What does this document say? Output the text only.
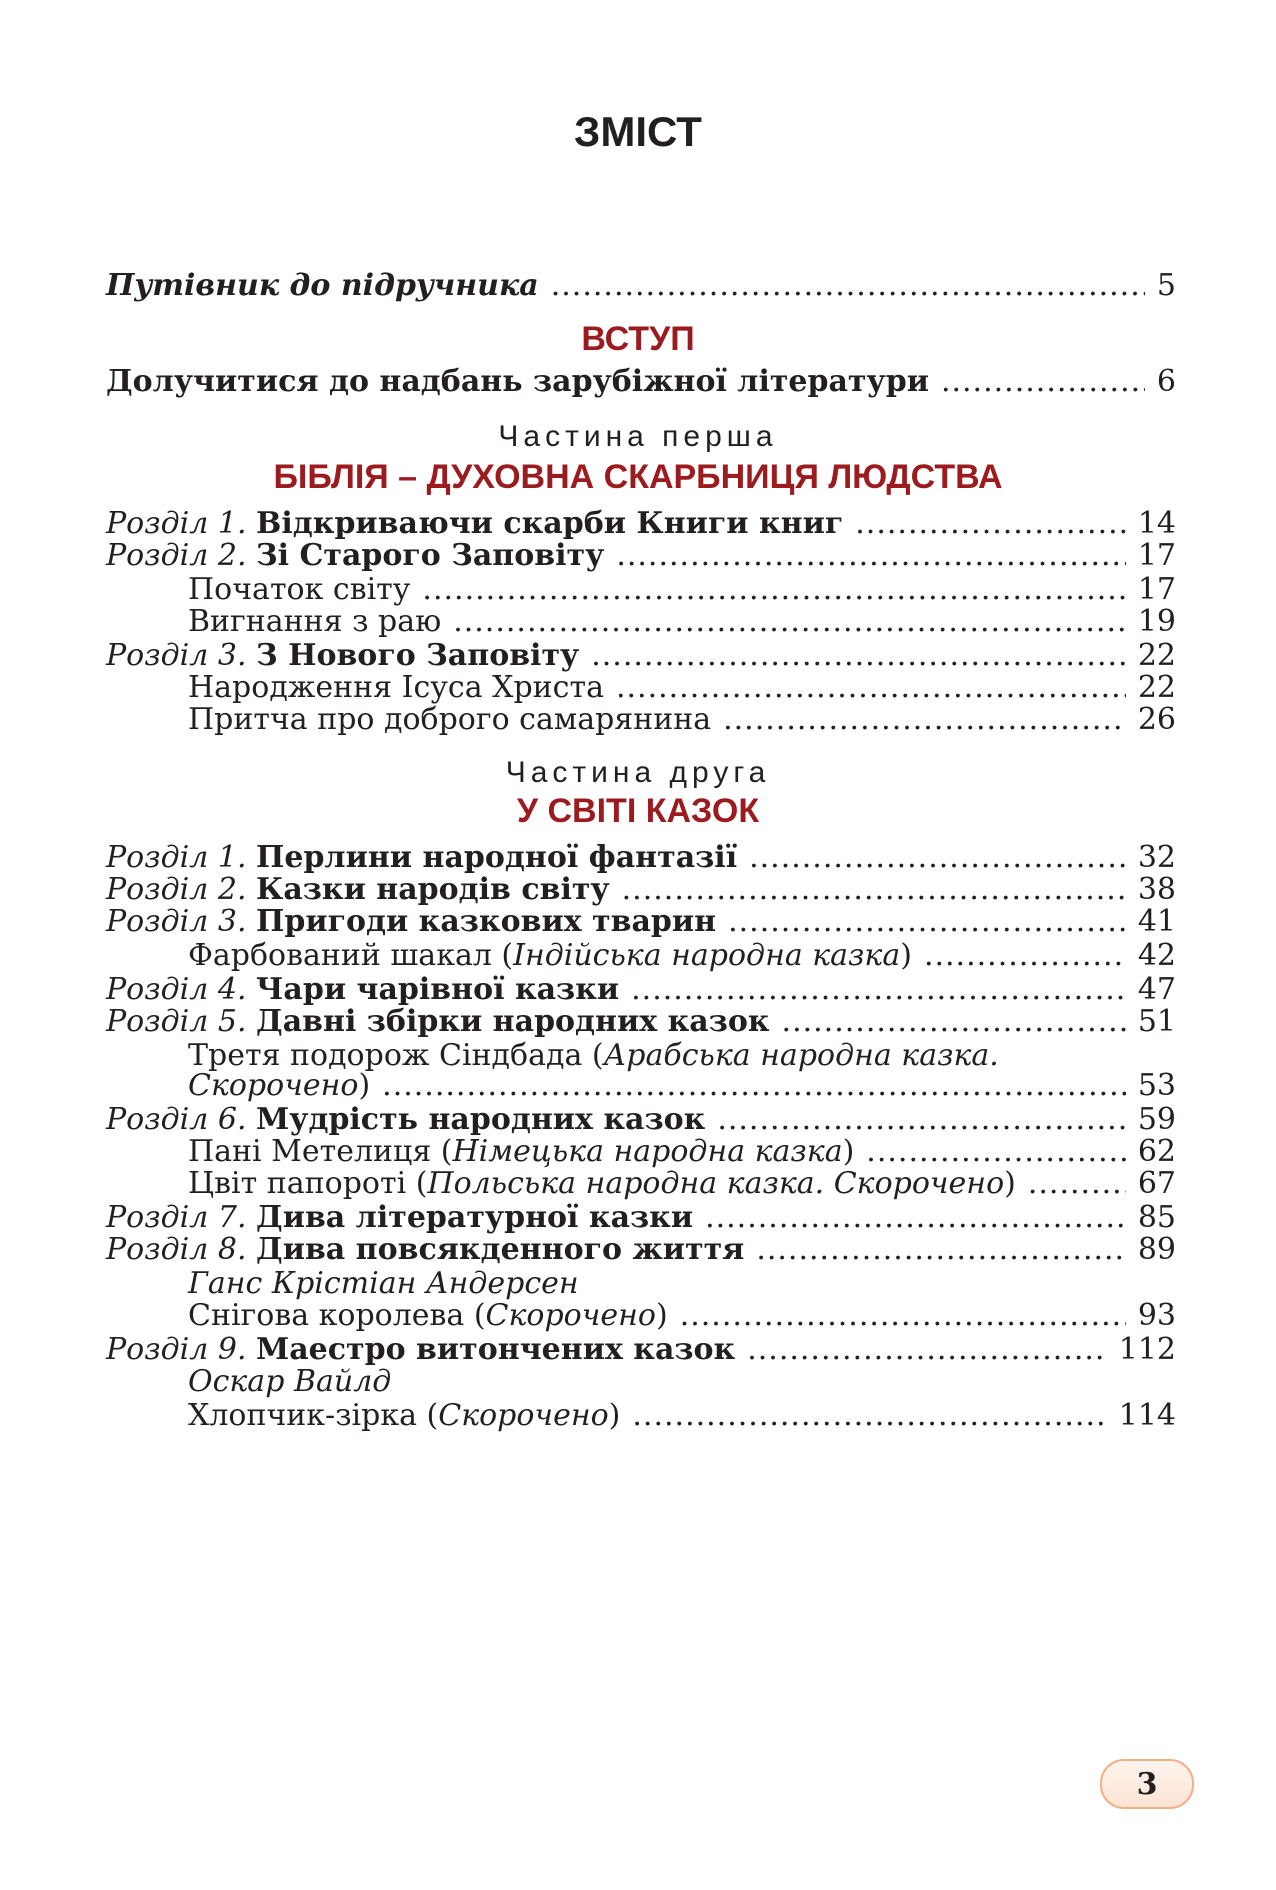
ЗМІСТ
Путівник до підручника .....	5
ВСТУП
Долучитися до надбань зарубіжної літератури .....	6
Частина перша
БІБЛІЯ – ДУХОВНА СКАРБНИЦЯ ЛЮДСТВА
Розділ 1. Відкриваючи скарби Книги книг .....	14
Розділ 2. Зі Старого Заповіту .....	17
Початок світу .....	17
Вигнання з раю .....	19
Розділ 3. З Нового Заповіту .....	22
Народження Ісуса Христа .....	22
Притча про доброго самарянина .....	26
Частина друга
У СВІТІ КАЗОК
Розділ 1. Перлини народної фантазії .....	32
Розділ 2. Казки народів світу .....	38
Розділ 3. Пригоди казкових тварин .....	41
Фарбований шакал (Індійська народна казка) .....	42
Розділ 4. Чари чарівної казки .....	47
Розділ 5. Давні збірки народних казок .....	51
Третя подорож Сіндбада (Арабська народна казка.
Скорочено) .....	53
Розділ 6. Мудрість народних казок .....	59
Пані Метелиця (Німецька народна казка) .....	62
Цвіт папороті (Польська народна казка. Скорочено) .....	67
Розділ 7. Дива літературної казки .....	85
Розділ 8. Дива повсякденного життя .....	89
Ганс Крістіан Андерсен
Снігова королева (Скорочено) .....	93
Розділ 9. Маестро витончених казок .....	112
Оскар Вайлд
Хлопчик-зірка (Скорочено) .....	114
3
